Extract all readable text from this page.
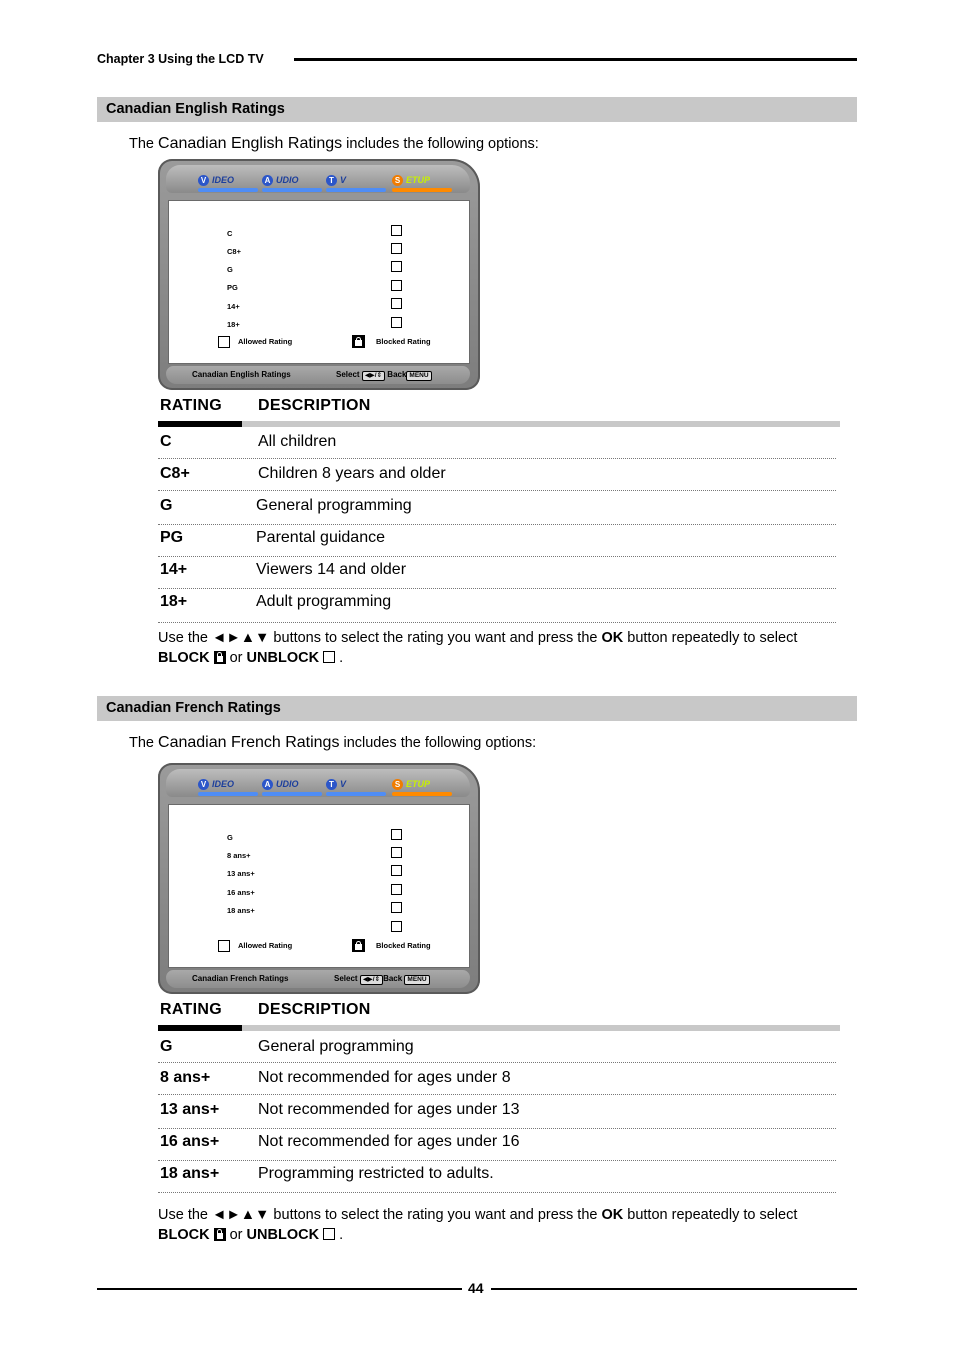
Chapter 3 Using the LCD TV
Canadian English Ratings
The Canadian English Ratings includes the following options:
V IDEO	A UDIO	T V	S ETUP
C
C8+
G
PG
14+
18+
Allowed Rating	Blocked Rating
Canadian English Ratings	Select ◀▶/⇕ Back MENU
RATING DESCRIPTION
C	All children
C8+	Children 8 years and older
G	General programming
PG	Parental guidance
14+	Viewers 14 and older
18+	Adult programming
Use the ◄►▲▼ buttons to select the rating you want and press the OK button repeatedly to select BLOCK  or UNBLOCK  .
Canadian French Ratings
The Canadian French Ratings includes the following options:
V IDEO	A UDIO	T V	S ETUP
G
8 ans+
13 ans+
16 ans+
18 ans+
Allowed Rating	Blocked Rating
Canadian French Ratings	Select ◀▶/⇕ Back MENU
RATING DESCRIPTION
G	General programming
8 ans+	Not recommended for ages under 8
13 ans+ Not recommended for ages under 13
16 ans+ Not recommended for ages under 16
18 ans+ Programming restricted to adults.
Use the ◄►▲▼ buttons to select the rating you want and press the OK button repeatedly to select BLOCK  or UNBLOCK  .
44
